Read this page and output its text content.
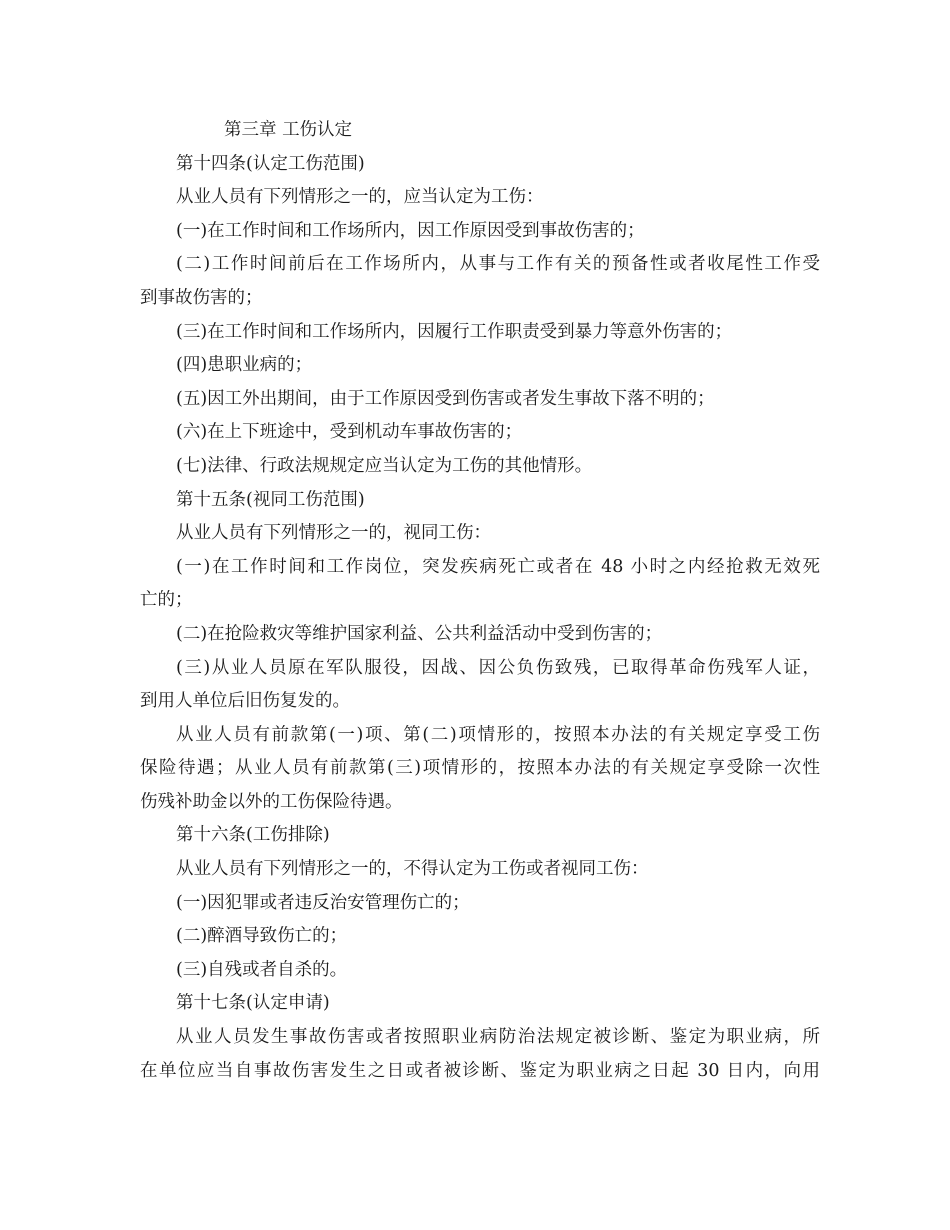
第三章 工伤认定
第十四条(认定工伤范围)
从业人员有下列情形之一的，应当认定为工伤：
(一)在工作时间和工作场所内，因工作原因受到事故伤害的；
(二)工作时间前后在工作场所内，从事与工作有关的预备性或者收尾性工作受
到事故伤害的；
(三)在工作时间和工作场所内，因履行工作职责受到暴力等意外伤害的；
(四)患职业病的；
(五)因工外出期间，由于工作原因受到伤害或者发生事故下落不明的；
(六)在上下班途中，受到机动车事故伤害的；
(七)法律、行政法规规定应当认定为工伤的其他情形。
第十五条(视同工伤范围)
从业人员有下列情形之一的，视同工伤：
(一)在工作时间和工作岗位，突发疾病死亡或者在 48 小时之内经抢救无效死
亡的；
(二)在抢险救灾等维护国家利益、公共利益活动中受到伤害的；
(三)从业人员原在军队服役，因战、因公负伤致残，已取得革命伤残军人证，
到用人单位后旧伤复发的。
从业人员有前款第(一)项、第(二)项情形的，按照本办法的有关规定享受工伤
保险待遇；从业人员有前款第(三)项情形的，按照本办法的有关规定享受除一次性
伤残补助金以外的工伤保险待遇。
第十六条(工伤排除)
从业人员有下列情形之一的，不得认定为工伤或者视同工伤：
(一)因犯罪或者违反治安管理伤亡的；
(二)醉酒导致伤亡的；
(三)自残或者自杀的。
第十七条(认定申请)
从业人员发生事故伤害或者按照职业病防治法规定被诊断、鉴定为职业病，所
在单位应当自事故伤害发生之日或者被诊断、鉴定为职业病之日起 30 日内，向用
